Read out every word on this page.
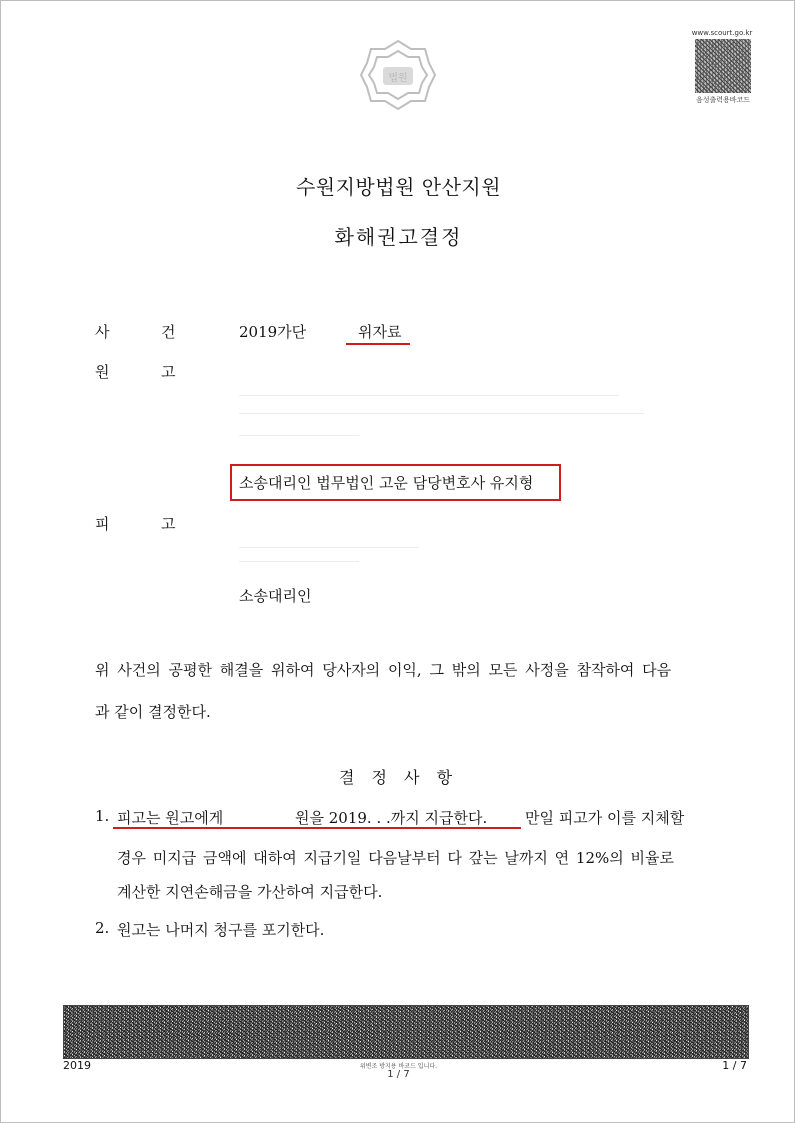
법원
www.scourt.go.kr
음성출력용바코드
수원지방법원 안산지원
화해권고결정
사	건	2019가단	위자료
원	고
소송대리인 법무법인 고운 담당변호사 유지형
피	고
소송대리인
위 사건의 공평한 해결을 위하여 당사자의 이익, 그 밖의 모든 사정을 참작하여 다음
과 같이 결정한다.
결 정 사 항
1. 피고는 원고에게	원을 2019. . .까지 지급한다.	만일 피고가 이를 지체할
경우 미지급 금액에 대하여 지급기일 다음날부터 다 갚는 날까지 연 12%의 비율로
계산한 지연손해금을 가산하여 지급한다.
2. 원고는 나머지 청구를 포기한다.
2019	위변조 방지용 바코드 입니다.
1 / 7
1 / 7
